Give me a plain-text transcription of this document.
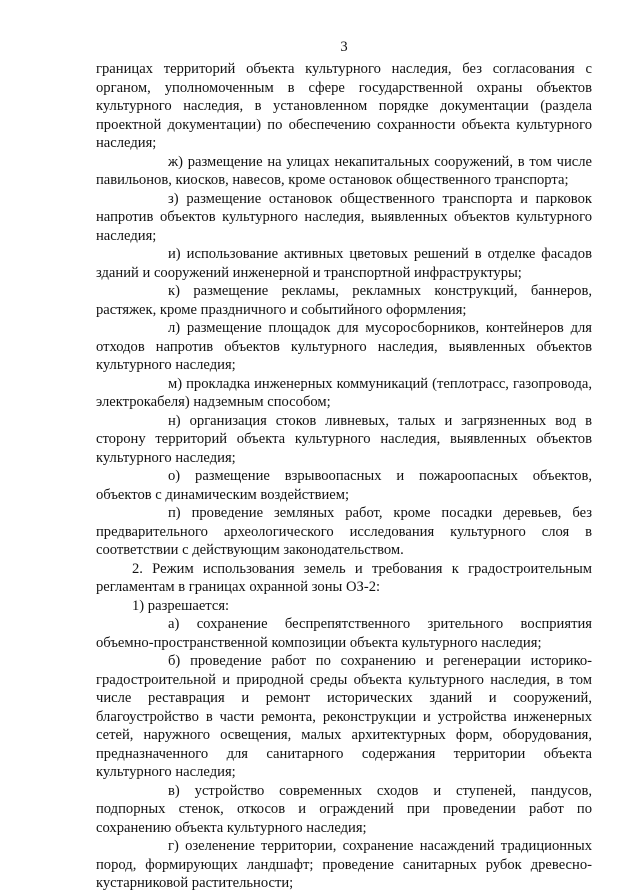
3

границах территорий объекта культурного наследия, без согласования с органом, уполномоченным в сфере государственной охраны объектов культурного наследия, в установленном порядке документации (раздела проектной документации) по обеспечению сохранности объекта культурного наследия;

ж) размещение на улицах некапитальных сооружений, в том числе павильонов, киосков, навесов, кроме остановок общественного транспорта;

з) размещение остановок общественного транспорта и парковок напротив объектов культурного наследия, выявленных объектов культурного наследия;

и) использование активных цветовых решений в отделке фасадов зданий и сооружений инженерной и транспортной инфраструктуры;

к) размещение рекламы, рекламных конструкций, баннеров, растяжек, кроме праздничного и событийного оформления;

л) размещение площадок для мусоросборников, контейнеров для отходов напротив объектов культурного наследия, выявленных объектов культурного наследия;

м) прокладка инженерных коммуникаций (теплотрасс, газопровода, электрокабеля) надземным способом;

н) организация стоков ливневых, талых и загрязненных вод в сторону территорий объекта культурного наследия, выявленных объектов культурного наследия;

о) размещение взрывоопасных и пожароопасных объектов, объектов с динамическим воздействием;

п) проведение земляных работ, кроме посадки деревьев, без предварительного археологического исследования культурного слоя в соответствии с действующим законодательством.

2. Режим использования земель и требования к градостроительным регламентам в границах охранной зоны ОЗ-2:

1) разрешается:

а) сохранение беспрепятственного зрительного восприятия объемно-пространственной композиции объекта культурного наследия;

б) проведение работ по сохранению и регенерации историко-градостроительной и природной среды объекта культурного наследия, в том числе реставрация и ремонт исторических зданий и сооружений, благоустройство в части ремонта, реконструкции и устройства инженерных сетей, наружного освещения, малых архитектурных форм, оборудования, предназначенного для санитарного содержания территории объекта культурного наследия;

в) устройство современных сходов и ступеней, пандусов, подпорных стенок, откосов и ограждений при проведении работ по сохранению объекта культурного наследия;

г) озеленение территории, сохранение насаждений традиционных пород, формирующих ландшафт; проведение санитарных рубок древесно-кустарниковой растительности;
